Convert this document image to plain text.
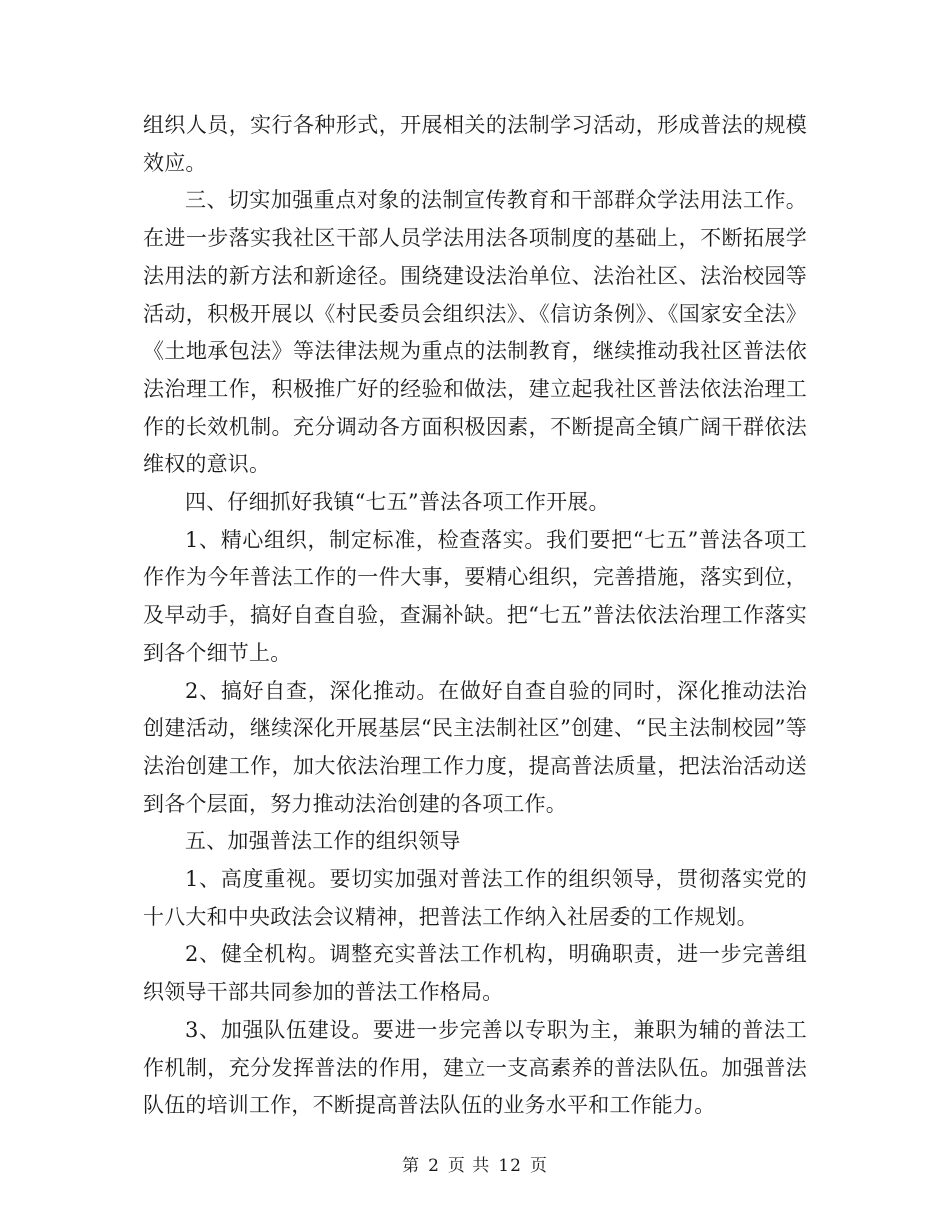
组织人员，实行各种形式，开展相关的法制学习活动，形成普法的规模效应。

三、切实加强重点对象的法制宣传教育和干部群众学法用法工作。在进一步落实我社区干部人员学法用法各项制度的基础上，不断拓展学法用法的新方法和新途径。围绕建设法治单位、法治社区、法治校园等活动，积极开展以《村民委员会组织法》、《信访条例》、《国家安全法》《土地承包法》等法律法规为重点的法制教育，继续推动我社区普法依法治理工作，积极推广好的经验和做法，建立起我社区普法依法治理工作的长效机制。充分调动各方面积极因素，不断提高全镇广阔干群依法维权的意识。

四、仔细抓好我镇“七五”普法各项工作开展。

1、精心组织，制定标准，检查落实。我们要把“七五”普法各项工作作为今年普法工作的一件大事，要精心组织，完善措施，落实到位，及早动手，搞好自查自验，查漏补缺。把“七五”普法依法治理工作落实到各个细节上。

2、搞好自查，深化推动。在做好自查自验的同时，深化推动法治创建活动，继续深化开展基层“民主法制社区”创建、“民主法制校园”等法治创建工作，加大依法治理工作力度，提高普法质量，把法治活动送到各个层面，努力推动法治创建的各项工作。

五、加强普法工作的组织领导

1、高度重视。要切实加强对普法工作的组织领导，贯彻落实党的十八大和中央政法会议精神，把普法工作纳入社居委的工作规划。

2、健全机构。调整充实普法工作机构，明确职责，进一步完善组织领导干部共同参加的普法工作格局。

3、加强队伍建设。要进一步完善以专职为主，兼职为辅的普法工作机制，充分发挥普法的作用，建立一支高素养的普法队伍。加强普法队伍的培训工作，不断提高普法队伍的业务水平和工作能力。

第 2 页 共 12 页
